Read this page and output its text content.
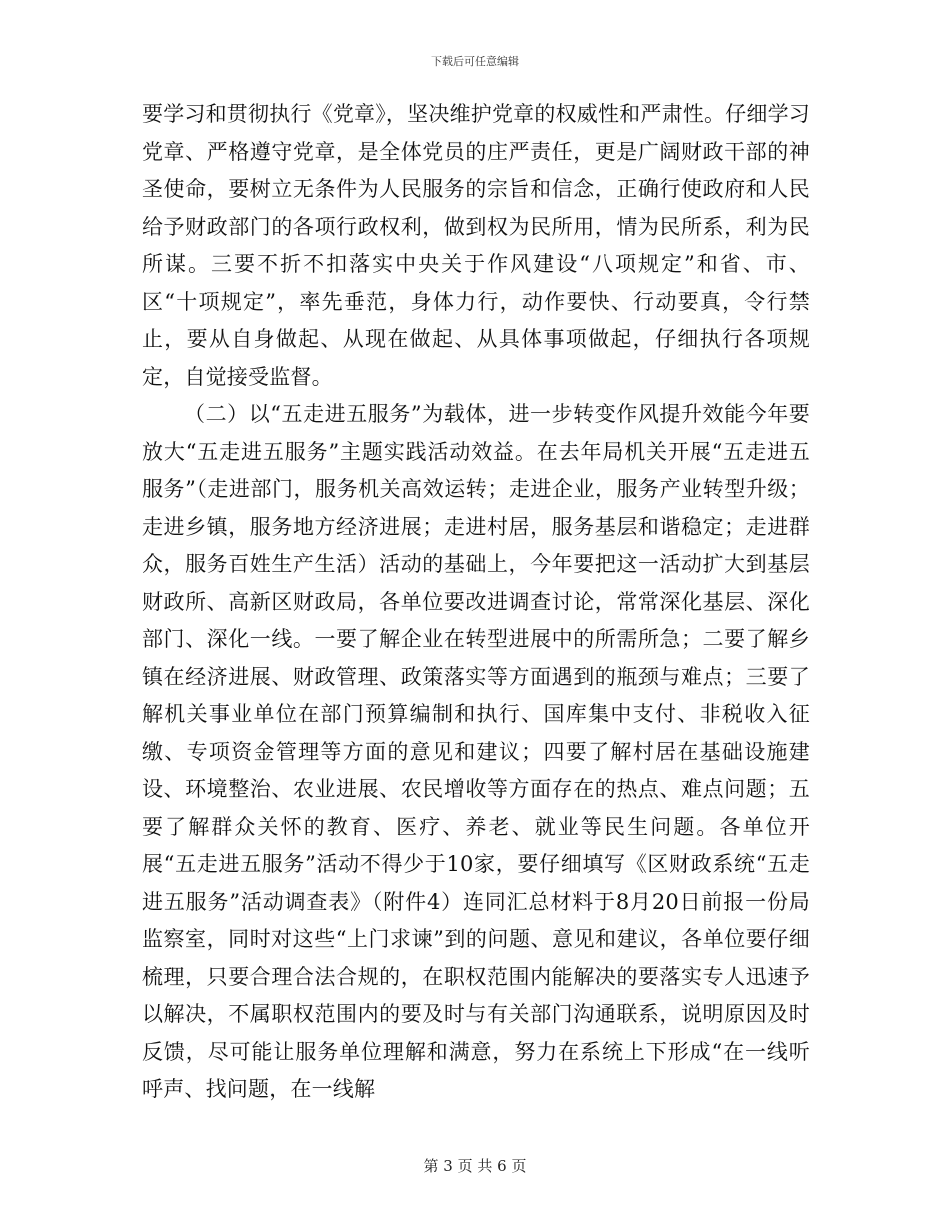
下载后可任意编辑

要学习和贯彻执行《党章》，坚决维护党章的权威性和严肃性。仔细学习党章、严格遵守党章，是全体党员的庄严责任，更是广阔财政干部的神圣使命，要树立无条件为人民服务的宗旨和信念，正确行使政府和人民给予财政部门的各项行政权利，做到权为民所用，情为民所系，利为民所谋。三要不折不扣落实中央关于作风建设“八项规定”和省、市、区“十项规定”，率先垂范，身体力行，动作要快、行动要真，令行禁止，要从自身做起、从现在做起、从具体事项做起，仔细执行各项规定，自觉接受监督。

（二）以“五走进五服务”为载体，进一步转变作风提升效能今年要放大“五走进五服务”主题实践活动效益。在去年局机关开展“五走进五服务”（走进部门，服务机关高效运转；走进企业，服务产业转型升级；走进乡镇，服务地方经济进展；走进村居，服务基层和谐稳定；走进群众，服务百姓生产生活）活动的基础上，今年要把这一活动扩大到基层财政所、高新区财政局，各单位要改进调查讨论，常常深化基层、深化部门、深化一线。一要了解企业在转型进展中的所需所急；二要了解乡镇在经济进展、财政管理、政策落实等方面遇到的瓶颈与难点；三要了解机关事业单位在部门预算编制和执行、国库集中支付、非税收入征缴、专项资金管理等方面的意见和建议；四要了解村居在基础设施建设、环境整治、农业进展、农民增收等方面存在的热点、难点问题；五要了解群众关怀的教育、医疗、养老、就业等民生问题。各单位开展“五走进五服务”活动不得少于10家，要仔细填写《区财政系统“五走进五服务”活动调查表》（附件4）连同汇总材料于8月20日前报一份局监察室，同时对这些“上门求谏”到的问题、意见和建议，各单位要仔细梳理，只要合理合法合规的，在职权范围内能解决的要落实专人迅速予以解决，不属职权范围内的要及时与有关部门沟通联系，说明原因及时反馈，尽可能让服务单位理解和满意，努力在系统上下形成“在一线听呼声、找问题，在一线解

第 3 页 共 6 页
